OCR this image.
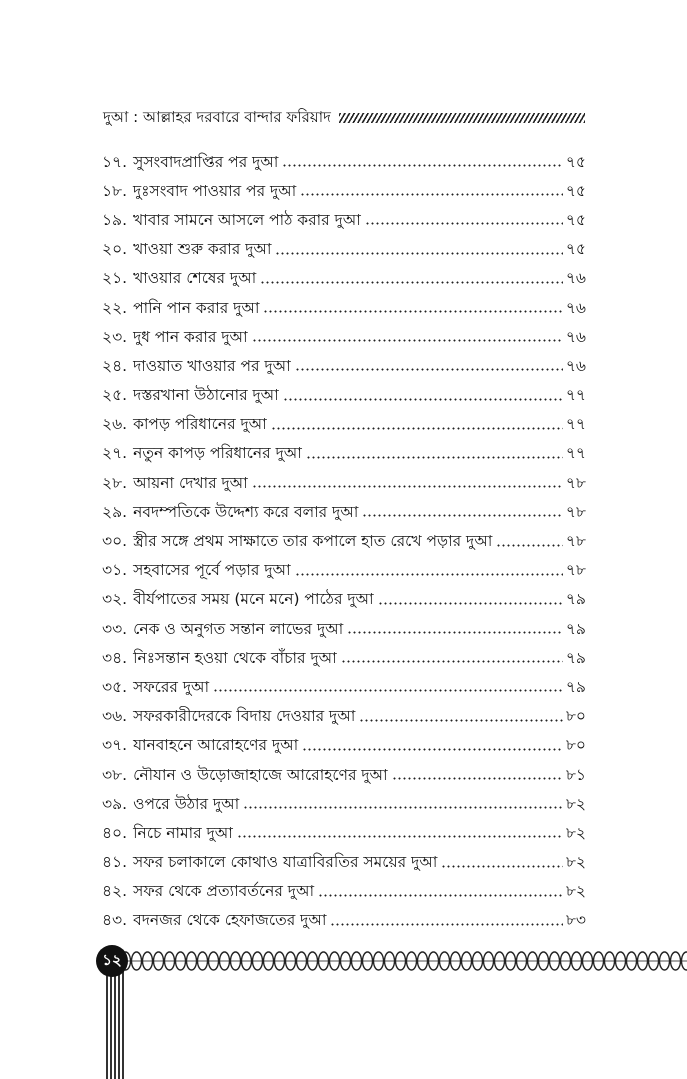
দুআ : আল্লাহর দরবারে বান্দার ফরিয়াদ
১৭. সুসংবাদপ্রাপ্তির পর দুআ	৭৫
১৮. দুঃসংবাদ পাওয়ার পর দুআ	৭৫
১৯. খাবার সামনে আসলে পাঠ করার দুআ	৭৫
২০. খাওয়া শুরু করার দুআ	৭৫
২১. খাওয়ার শেষের দুআ	৭৬
২২. পানি পান করার দুআ	৭৬
২৩. দুধ পান করার দুআ	৭৬
২৪. দাওয়াত খাওয়ার পর দুআ	৭৬
২৫. দস্তরখানা উঠানোর দুআ	৭৭
২৬. কাপড় পরিধানের দুআ	৭৭
২৭. নতুন কাপড় পরিধানের দুআ	৭৭
২৮. আয়না দেখার দুআ	৭৮
২৯. নবদম্পতিকে উদ্দেশ্য করে বলার দুআ	৭৮
৩০. স্ত্রীর সঙ্গে প্রথম সাক্ষাতে তার কপালে হাত রেখে পড়ার দুআ	৭৮
৩১. সহবাসের পূর্বে পড়ার দুআ	৭৮
৩২. বীর্যপাতের সময় (মনে মনে) পাঠের দুআ	৭৯
৩৩. নেক ও অনুগত সন্তান লাভের দুআ	৭৯
৩৪. নিঃসন্তান হওয়া থেকে বাঁচার দুআ	৭৯
৩৫. সফরের দুআ	৭৯
৩৬. সফরকারীদেরকে বিদায় দেওয়ার দুআ	৮০
৩৭. যানবাহনে আরোহণের দুআ	৮০
৩৮. নৌযান ও উড়োজাহাজে আরোহণের দুআ	৮১
৩৯. ওপরে উঠার দুআ	৮২
৪০. নিচে নামার দুআ	৮২
৪১. সফর চলাকালে কোথাও যাত্রাবিরতির সময়ের দুআ	৮২
৪২. সফর থেকে প্রত্যাবর্তনের দুআ	৮২
৪৩. বদনজর থেকে হেফাজতের দুআ	৮৩
১২
